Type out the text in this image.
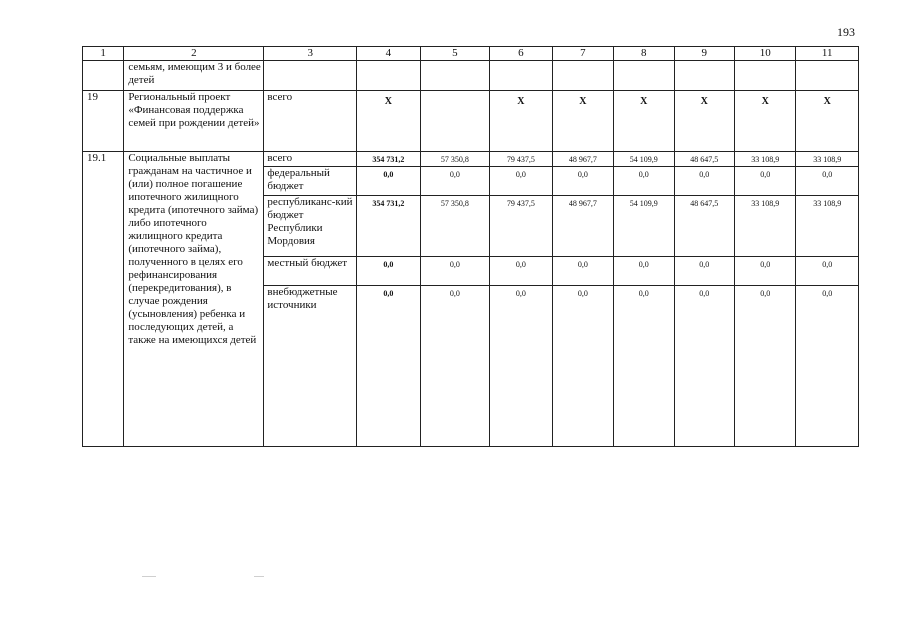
193
1	2	3	4	5	6	7	8	9	10	11
	семьям, имеющим 3 и более детей									
19	Региональный проект «Финансовая поддержка семей при рождении детей»	всего	X		X	X	X	X	X	X
19.1	Социальные выплаты гражданам на частичное и (или) полное погашение ипотечного жилищного кредита (ипотечного займа) либо ипотечного жилищного кредита (ипотечного займа), полученного в целях его рефинансирования (перекредитования), в случае рождения (усыновления) ребенка и последующих детей, а также на имеющихся детей	всего	354 731,2	57 350,8	79 437,5	48 967,7	54 109,9	48 647,5	33 108,9	33 108,9
		федеральный бюджет	0,0	0,0	0,0	0,0	0,0	0,0	0,0	0,0
		республиканс-кий бюджет Республики Мордовия	354 731,2	57 350,8	79 437,5	48 967,7	54 109,9	48 647,5	33 108,9	33 108,9
		местный бюджет	0,0	0,0	0,0	0,0	0,0	0,0	0,0	0,0
		внебюджетные источники	0,0	0,0	0,0	0,0	0,0	0,0	0,0	0,0
